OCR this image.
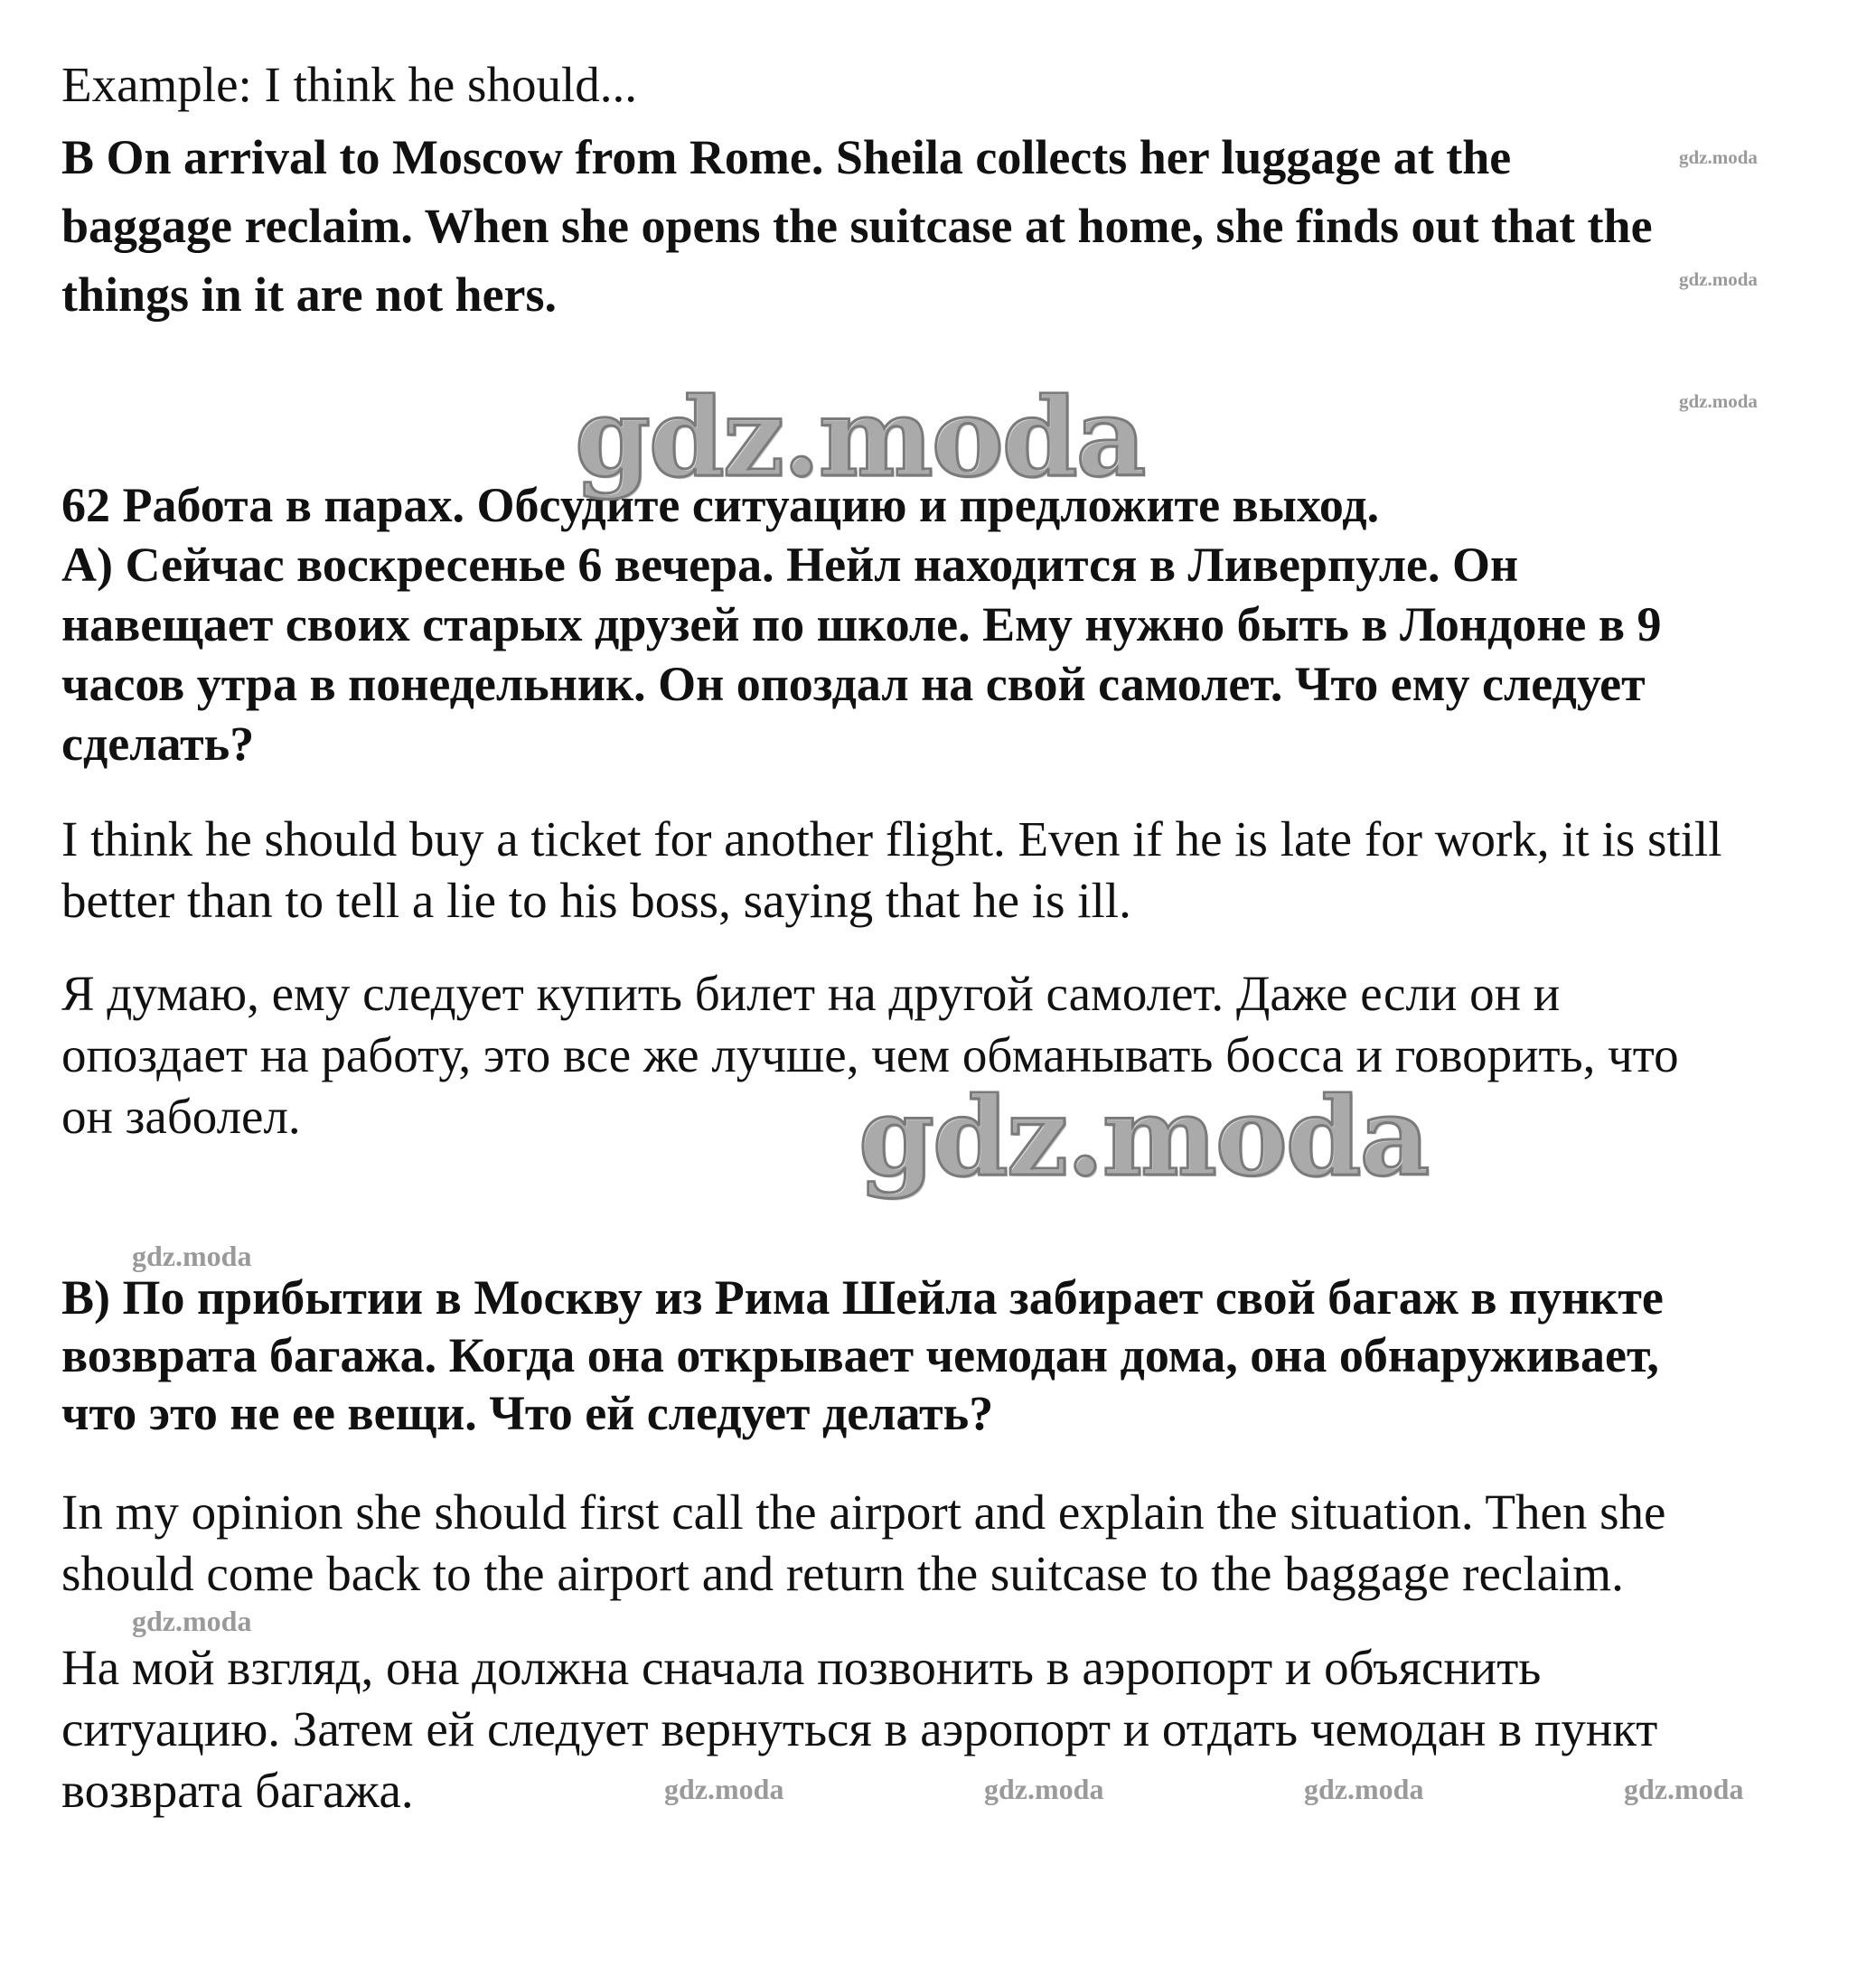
Example: I think he should...

B On arrival to Moscow from Rome. Sheila collects her luggage at the
baggage reclaim. When she opens the suitcase at home, she finds out that the
things in it are not hers.

62 Работа в парах. Обсудите ситуацию и предложите выход.
А) Сейчас воскресенье 6 вечера. Нейл находится в Ливерпуле. Он
навещает своих старых друзей по школе. Ему нужно быть в Лондоне в 9
часов утра в понедельник. Он опоздал на свой самолет. Что ему следует
сделать?

I think he should buy a ticket for another flight. Even if he is late for work, it is still
better than to tell a lie to his boss, saying that he is ill.

Я думаю, ему следует купить билет на другой самолет. Даже если он и
опоздает на работу, это все же лучше, чем обманывать босса и говорить, что
он заболел.

B) По прибытии в Москву из Рима Шейла забирает свой багаж в пункте
возврата багажа. Когда она открывает чемодан дома, она обнаруживает,
что это не ее вещи. Что ей следует делать?

In my opinion she should first call the airport and explain the situation. Then she
should come back to the airport and return the suitcase to the baggage reclaim.

На мой взгляд, она должна сначала позвонить в аэропорт и объяснить
ситуацию. Затем ей следует вернуться в аэропорт и отдать чемодан в пункт
возврата багажа.

gdz.moda
gdz.moda
gdz.moda
gdz.moda
gdz.moda
gdz.moda
gdz.moda
gdz.moda	gdz.moda	gdz.moda	gdz.moda
